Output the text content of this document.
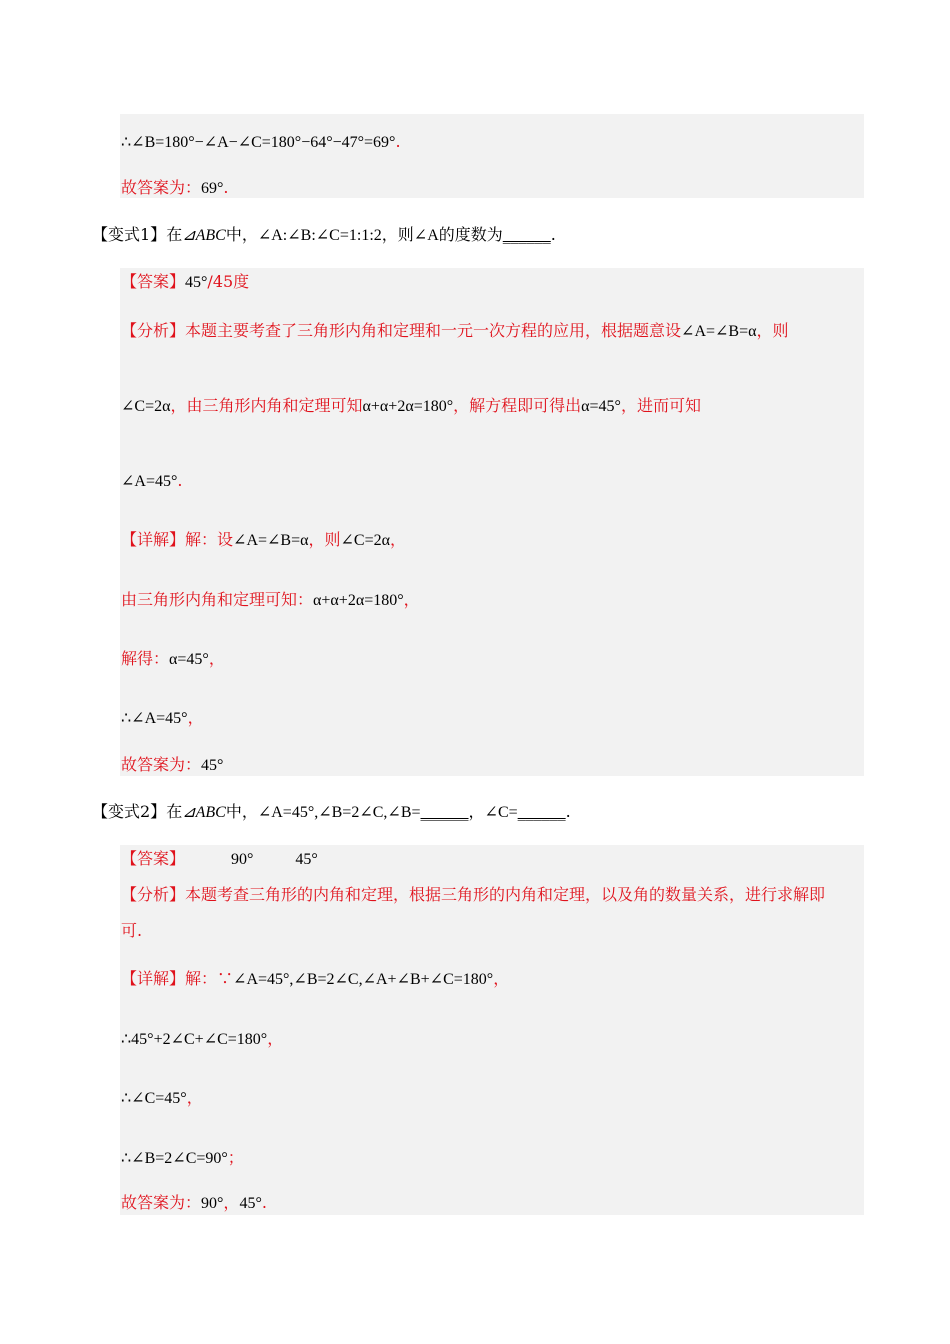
∴∠B=180°−∠A−∠C=180°−64°−47°=69°.
故答案为：69°.
【变式1】在⊿ABC中，∠A:∠B:∠C=1:1:2，则∠A的度数为______.
【答案】45°/45度
【分析】本题主要考查了三角形内角和定理和一元一次方程的应用，根据题意设∠A=∠B=α，则
∠C=2α，由三角形内角和定理可知α+α+2α=180°，解方程即可得出α=45°，进而可知
∠A=45°.
【详解】解：设∠A=∠B=α，则∠C=2α，
由三角形内角和定理可知：α+α+2α=180°，
解得：α=45°，
∴∠A=45°，
故答案为：45°
【变式2】在⊿ABC中，∠A=45°,∠B=2∠C,∠B=______，∠C=______.
【答案】	90°	45°
【分析】本题考查三角形的内角和定理，根据三角形的内角和定理，以及角的数量关系，进行求解即
可.
【详解】解：∵∠A=45°,∠B=2∠C,∠A+∠B+∠C=180°，
∴45°+2∠C+∠C=180°，
∴∠C=45°，
∴∠B=2∠C=90°；
故答案为：90°，45°.
